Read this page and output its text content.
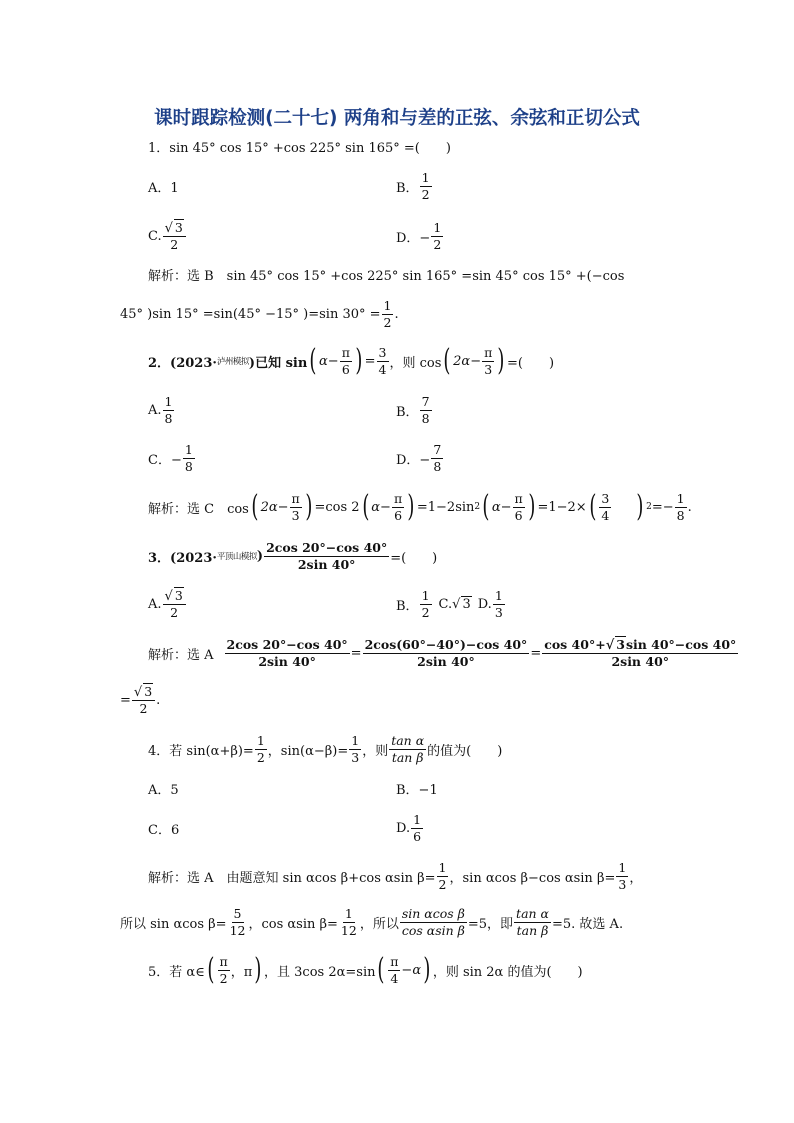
课时跟踪检测(二十七) 两角和与差的正弦、余弦和正切公式
1．sin 45° cos 15° +cos 225° sin 165° =(　　)
A．1	B． $\frac{1}{2}$
C. $\frac{√ 3}{2}$	D．− $\frac{1}{2}$
解析：选 B　sin 45° cos 15° +cos 225° sin 165° =sin 45° cos 15° +(−cos
45° )sin 15° =sin(45° −15° )=sin $30^\circ = \frac{1}{2}$ .
2．(2023· 泸州模拟 )已知 sin ( $\alpha- \frac{\pi}{6}$ ) = $\frac{3}{4}$ ，则 cos ( $2\alpha- \frac{\pi}{3}$ ) =(　　)
A. $\frac{1}{8}$	B． $\frac{7}{8}$
C．− $\frac{1}{8}$	D．− $\frac{7}{8}$
解析：选 C　cos ( $2\alpha- \frac{\pi}{3}$ ) =cos 2 ( $\alpha- \frac{\pi}{6}$ ) =1−2sin 2 ( $\alpha- \frac{\pi}{6}$ ) =1−2× ( $\frac{3}{4}$ ) $2 =- \frac{1}{8}$ .
3．(2023· 平顶山模拟 ) $\frac{2\cos 20^\circ-\cos 40^\circ}{2\sin 40^\circ}$ =(　　)
A. $\frac{√ 3}{2}$	B． $\frac{1}{2} C$. √ 3 D. $\frac{1}{3}$
解析：选 A $\frac{2\cos 20^\circ-\cos 40^\circ}{2\sin 40^\circ} = \frac{2\cos(60^\circ-40^\circ)-\cos 40^\circ}{2\sin 40^\circ} = \frac{\cos 40^\circ+√ 3\sin 40^\circ-\cos 40^\circ}{2\sin 40^\circ}$
= $\frac{√ 3}{2}$ .
4．若 $\sin(\alpha+\beta)= \frac{1}{2}$ ，$\sin(\alpha-\beta)= \frac{1}{3}$ ，则 $\frac{\text{tan α}}{\text{tan β}}$ 的值为(　　)
A．5	B．−1
C．6	D. $\frac{1}{6}$
解析：选 A　由题意知 sin αcos β+cos αsin $\beta= \frac{1}{2}$ ，sin αcos β−cos αsin $\beta= \frac{1}{3}$ ，
所以 sin αcos $\beta= \frac{5}{12}$ ，cos αsin $\beta= \frac{1}{12}$ ，所以 $\frac{\text{sin αcos β}}{\text{cos αsin β}} =5$，即 $\frac{\text{tan α}}{\text{tan β}} =5$. 故选 A.
5．若 α∈ ( $\frac{\pi}{2}$ ，π ) ，且 3cos 2α=sin ( $\frac{\pi}{4} -\alpha$ ) ，则 sin 2α 的值为(　　)
